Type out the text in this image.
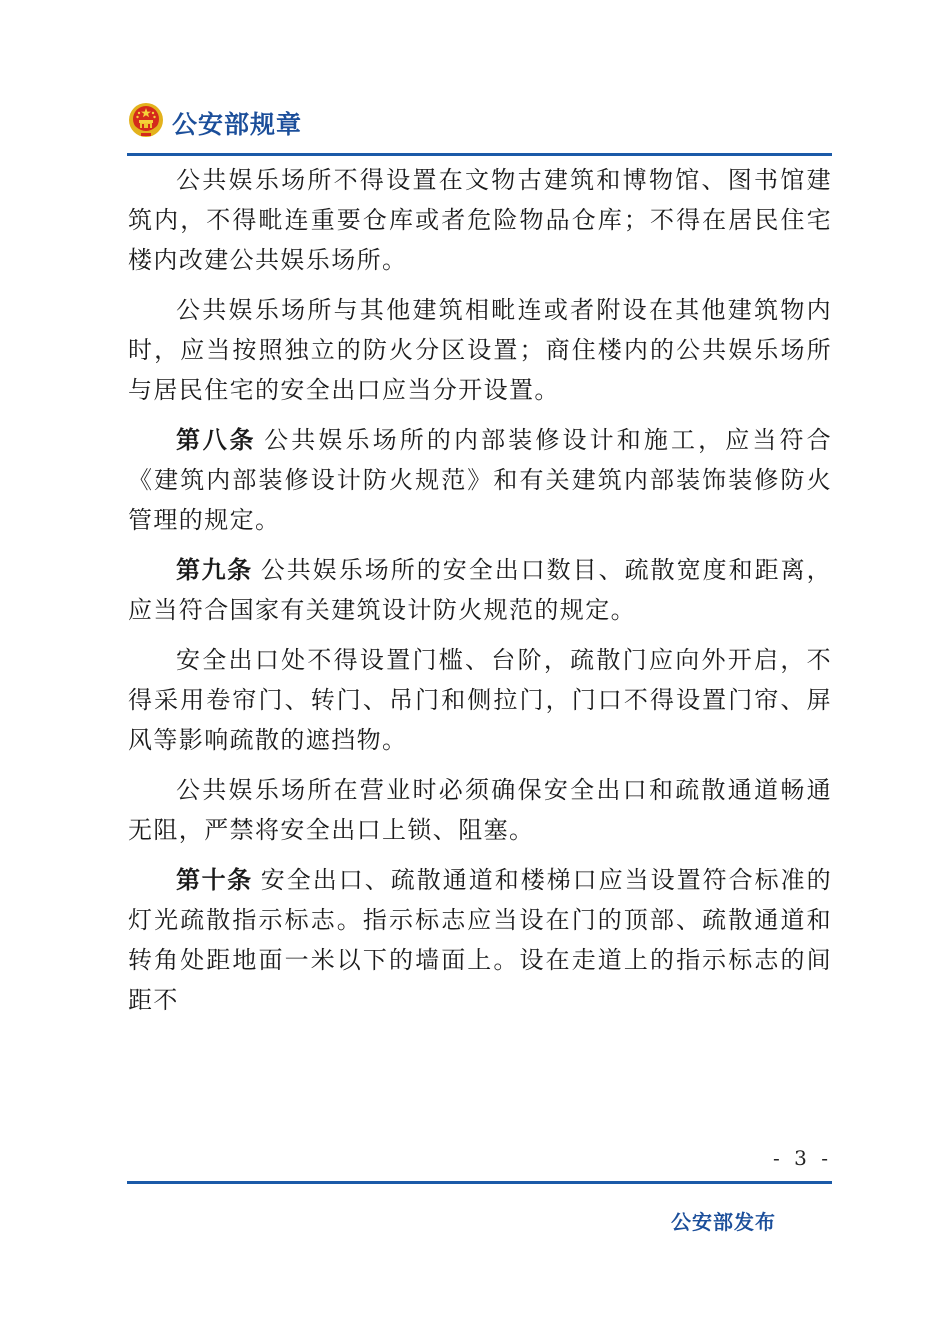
公安部规章

公共娱乐场所不得设置在文物古建筑和博物馆、图书馆建筑内，不得毗连重要仓库或者危险物品仓库；不得在居民住宅楼内改建公共娱乐场所。

公共娱乐场所与其他建筑相毗连或者附设在其他建筑物内时，应当按照独立的防火分区设置；商住楼内的公共娱乐场所与居民住宅的安全出口应当分开设置。

第八条 公共娱乐场所的内部装修设计和施工，应当符合《建筑内部装修设计防火规范》和有关建筑内部装饰装修防火管理的规定。

第九条 公共娱乐场所的安全出口数目、疏散宽度和距离，应当符合国家有关建筑设计防火规范的规定。

安全出口处不得设置门槛、台阶，疏散门应向外开启，不得采用卷帘门、转门、吊门和侧拉门，门口不得设置门帘、屏风等影响疏散的遮挡物。

公共娱乐场所在营业时必须确保安全出口和疏散通道畅通无阻，严禁将安全出口上锁、阻塞。

第十条 安全出口、疏散通道和楼梯口应当设置符合标准的灯光疏散指示标志。指示标志应当设在门的顶部、疏散通道和转角处距地面一米以下的墙面上。设在走道上的指示标志的间距不

- 3 -
公安部发布
